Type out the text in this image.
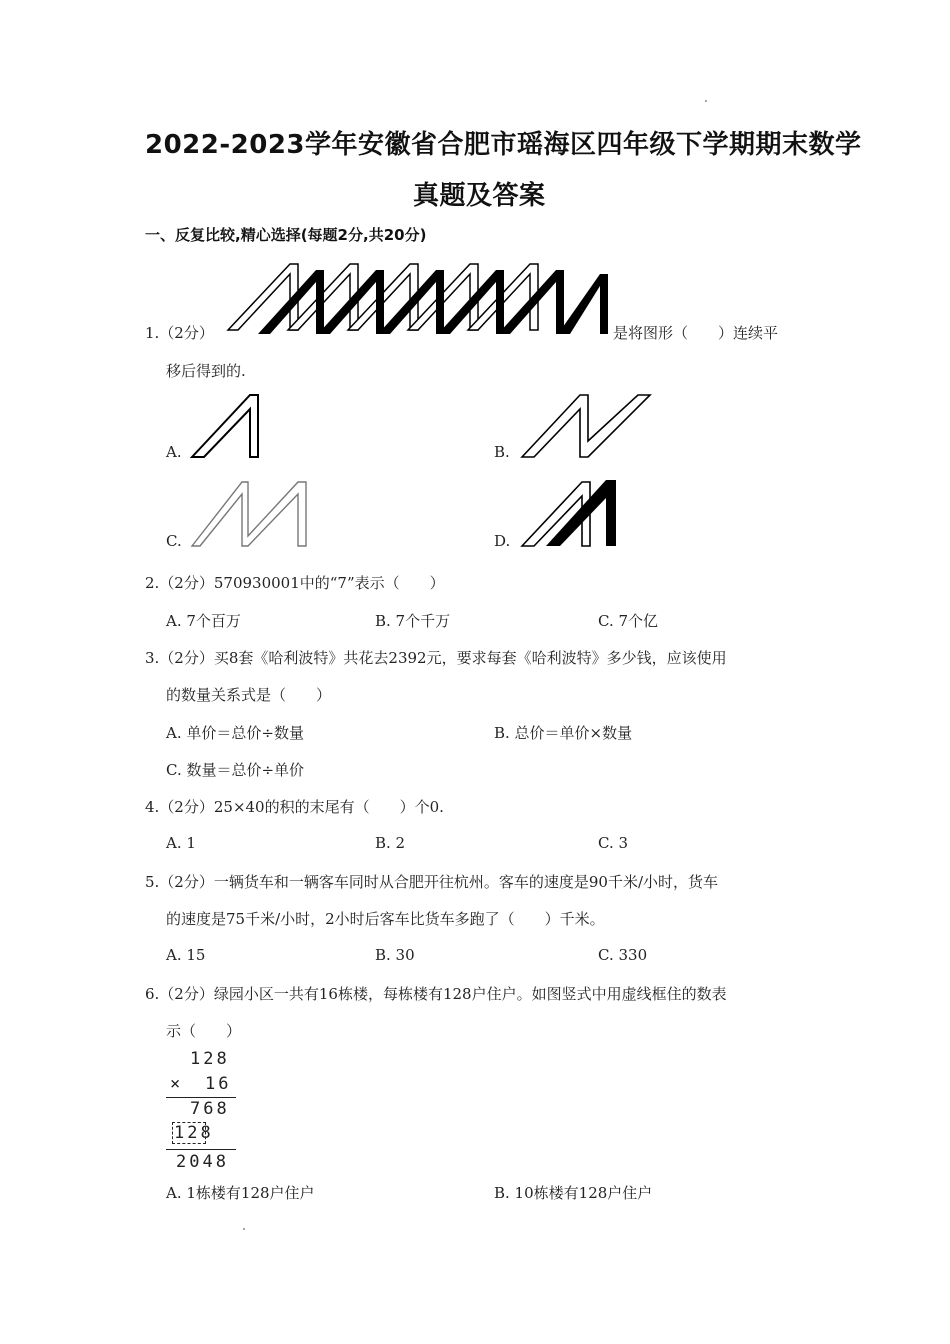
2022-2023学年安徽省合肥市瑶海区四年级下学期期末数学
真题及答案
一、反复比较,精心选择(每题2分,共20分)
1.（2分）	是将图形（　　）连续平
移后得到的.
A.	B.
C.	D.
2.（2分）570930001中的“7”表示（　　）
A. 7个百万	B. 7个千万	C. 7个亿
3.（2分）买8套《哈利波特》共花去2392元，要求每套《哈利波特》多少钱，应该使用
的数量关系式是（　　）
A. 单价＝总价÷数量	B. 总价＝单价×数量
C. 数量＝总价÷单价
4.（2分）25×40的积的末尾有（　　）个0.
A. 1	B. 2	C. 3
5.（2分）一辆货车和一辆客车同时从合肥开往杭州。客车的速度是90千米/小时，货车
的速度是75千米/小时，2小时后客车比货车多跑了（　　）千米。
A. 15	B. 30	C. 330
6.（2分）绿园小区一共有16栋楼，每栋楼有128户住户。如图竖式中用虚线框住的数表
示（　　）
128
× 16
768
128
2048
A. 1栋楼有128户住户	B. 10栋楼有128户住户
